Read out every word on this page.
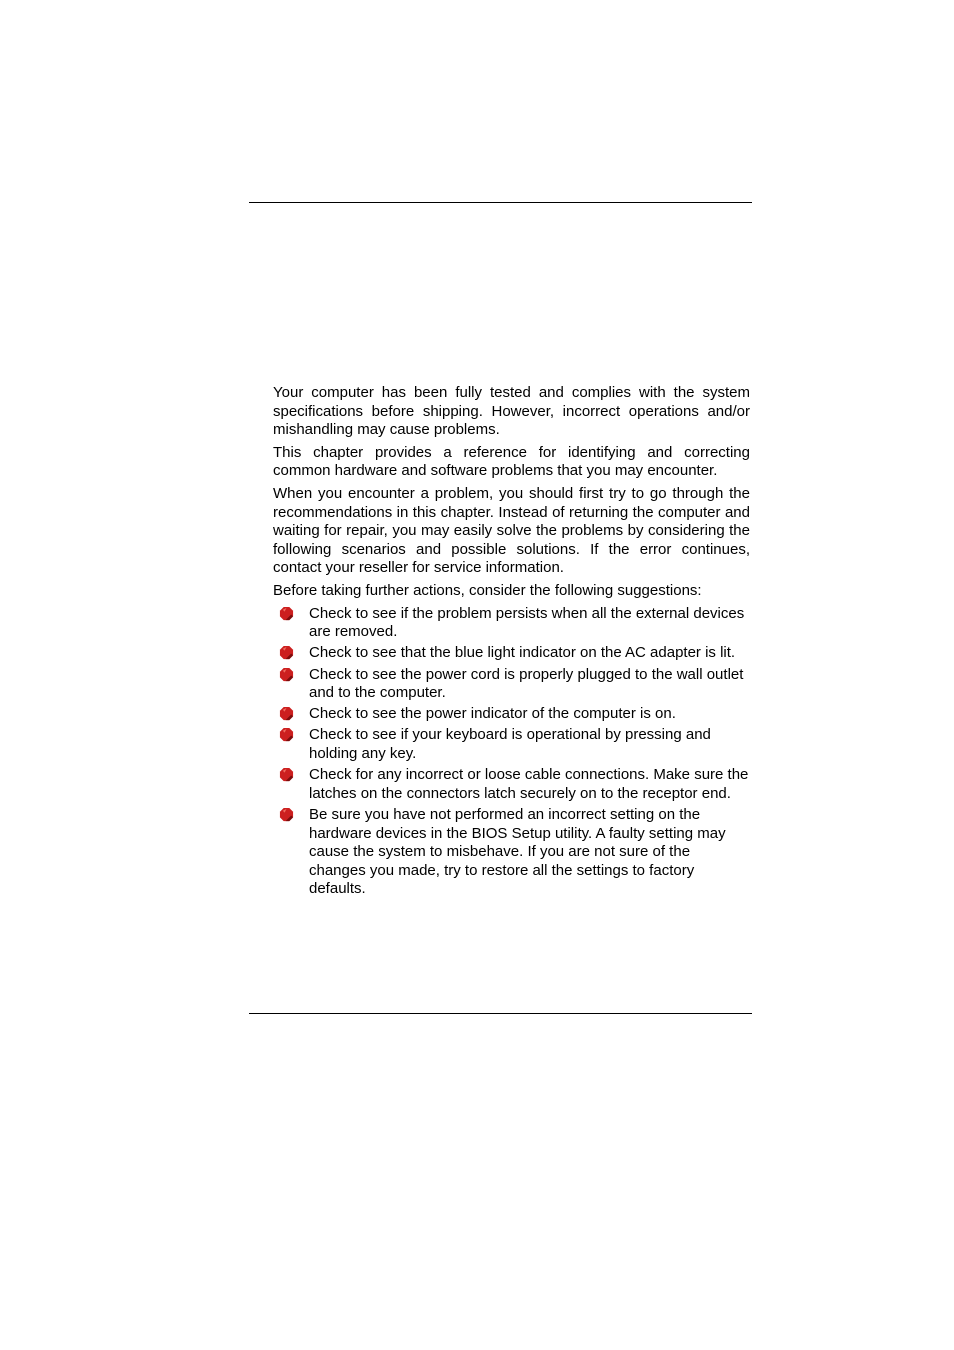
Your computer has been fully tested and complies with the system specifications before shipping. However, incorrect operations and/or mishandling may cause problems.

This chapter provides a reference for identifying and correcting common hardware and software problems that you may encounter.

When you encounter a problem, you should first try to go through the recommendations in this chapter. Instead of returning the computer and waiting for repair, you may easily solve the problems by considering the following scenarios and possible solutions. If the error continues, contact your reseller for service information.

Before taking further actions, consider the following suggestions:

Check to see if the problem persists when all the external devices are removed.
Check to see that the blue light indicator on the AC adapter is lit.
Check to see the power cord is properly plugged to the wall outlet and to the computer.
Check to see the power indicator of the computer is on.
Check to see if your keyboard is operational by pressing and holding any key.
Check for any incorrect or loose cable connections. Make sure the latches on the connectors latch securely on to the receptor end.
Be sure you have not performed an incorrect setting on the hardware devices in the BIOS Setup utility. A faulty setting may cause the system to misbehave. If you are not sure of the changes you made, try to restore all the settings to factory defaults.
